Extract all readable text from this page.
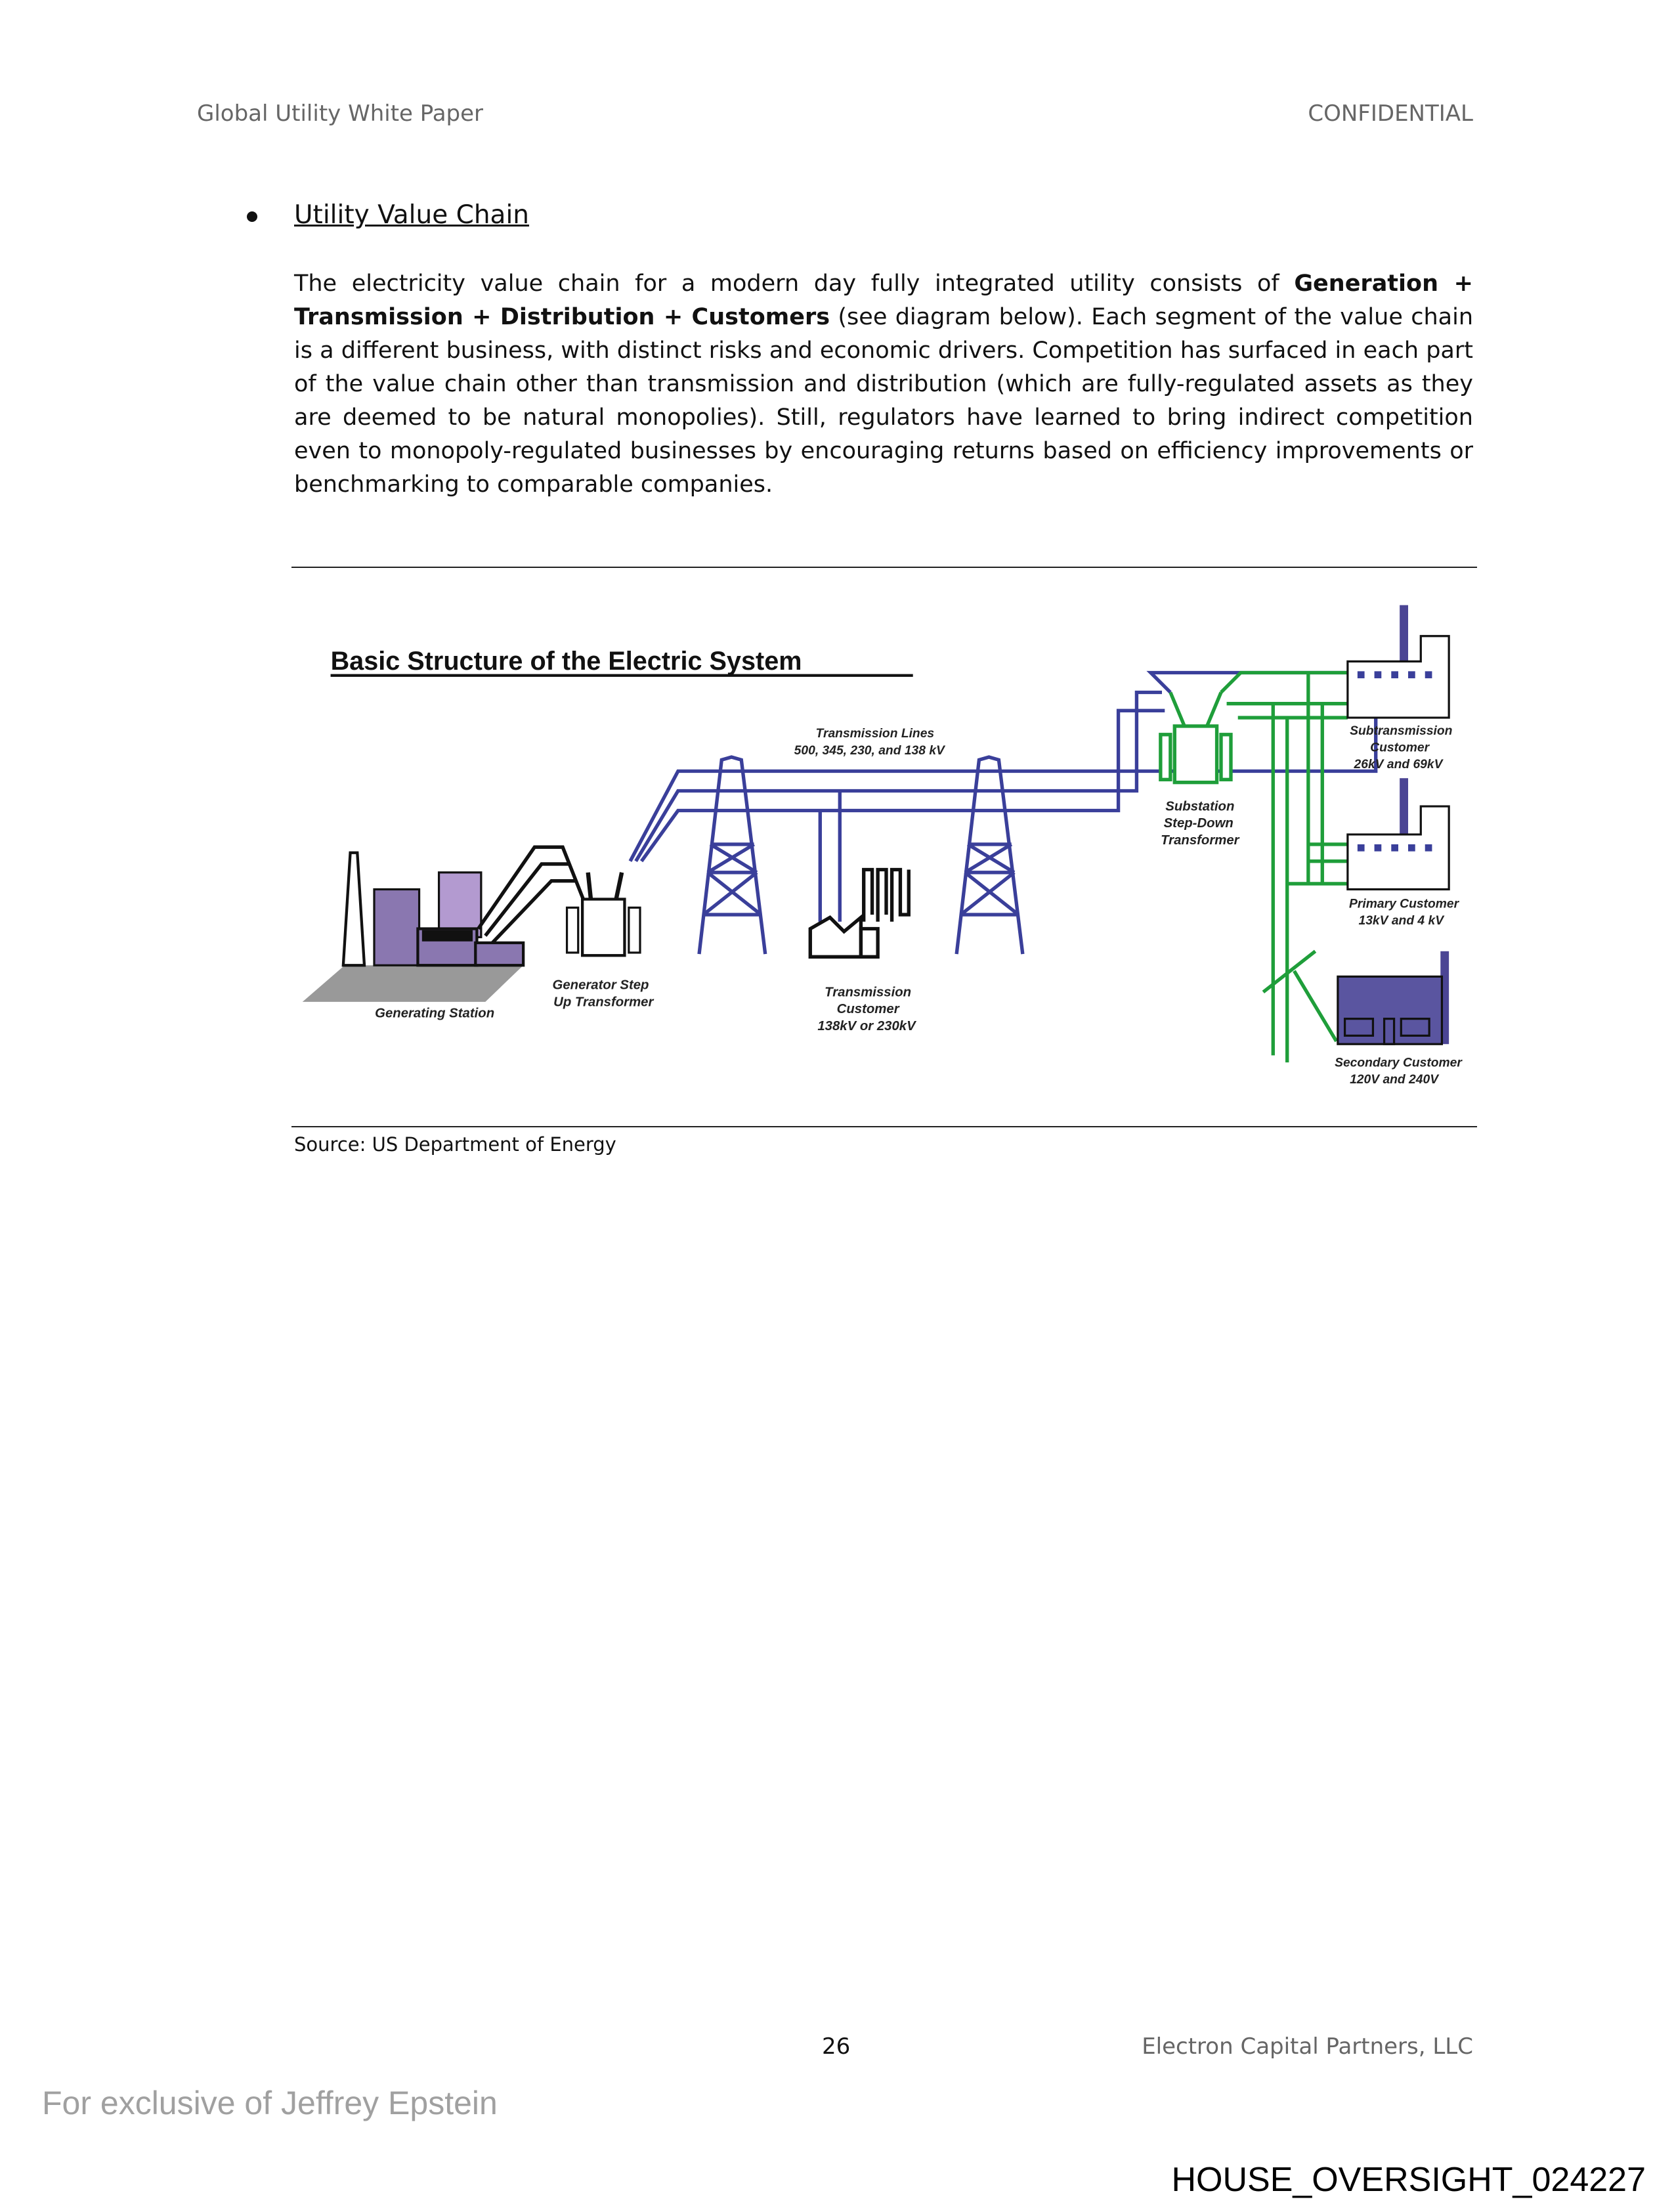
Global Utility White Paper	CONFIDENTIAL
Utility Value Chain
The electricity value chain for a modern day fully integrated utility consists of Generation + Transmission + Distribution + Customers (see diagram below). Each segment of the value chain is a different business, with distinct risks and economic drivers. Competition has surfaced in each part of the value chain other than transmission and distribution (which are fully-regulated assets as they are deemed to be natural monopolies). Still, regulators have learned to bring indirect competition even to monopoly-regulated businesses by encouraging returns based on efficiency improvements or benchmarking to comparable companies.
Basic Structure of the Electric System
Generating Station
Generator Step
Up Transformer
Transmission Lines
500, 345, 230, and 138 kV
Transmission
Customer
138kV or 230kV
Substation
Step-Down
Transformer
Subtransmission
Customer
26kV and 69kV
Primary Customer
13kV and 4 kV
Secondary Customer
120V and 240V
Source: US Department of Energy
26	Electron Capital Partners, LLC
For exclusive of Jeffrey Epstein
HOUSE_OVERSIGHT_024227
